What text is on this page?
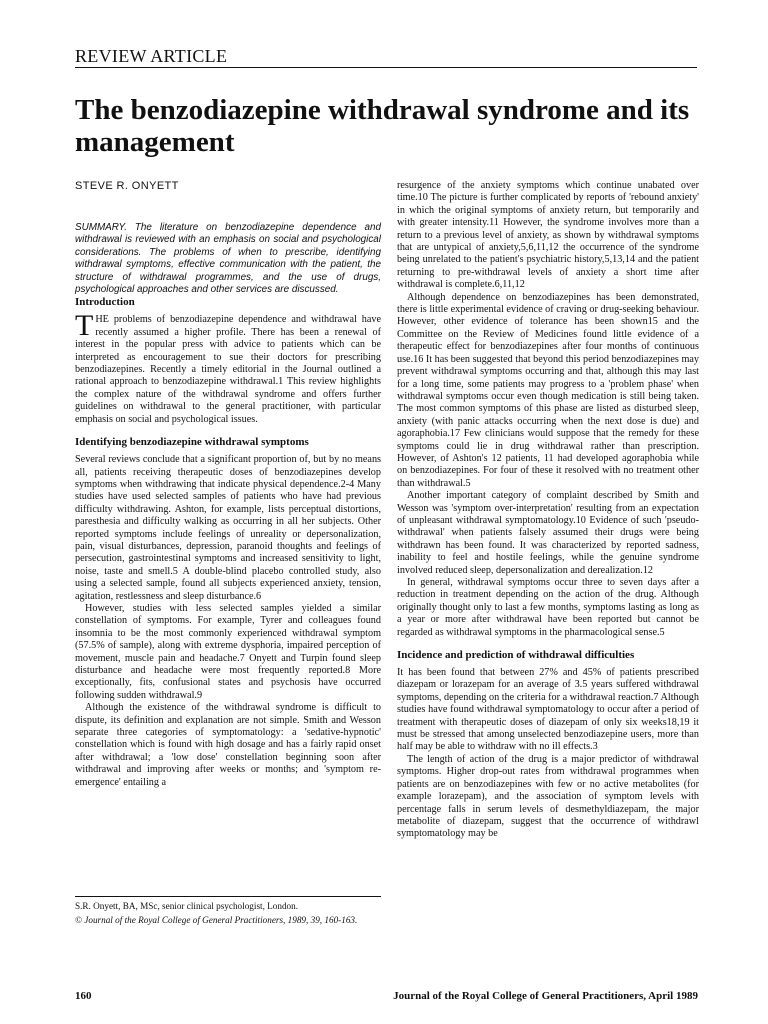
REVIEW ARTICLE
The benzodiazepine withdrawal syndrome and its management

STEVE R. ONYETT

SUMMARY. The literature on benzodiazepine dependence and withdrawal is reviewed with an emphasis on social and psychological considerations. The problems of when to prescribe, identifying withdrawal symptoms, effective communication with the patient, the structure of withdrawal programmes, and the use of drugs, psychological approaches and other services are discussed.

Introduction

THE problems of benzodiazepine dependence and withdrawal have recently assumed a higher profile. There has been a renewal of interest in the popular press with advice to patients which can be interpreted as encouragement to sue their doctors for prescribing benzodiazepines. Recently a timely editorial in the Journal outlined a rational approach to benzodiazepine withdrawal.1 This review highlights the complex nature of the withdrawal syndrome and offers further guidelines on withdrawal to the general practitioner, with particular emphasis on social and psychological issues.

Identifying benzodiazepine withdrawal symptoms

Several reviews conclude that a significant proportion of, but by no means all, patients receiving therapeutic doses of benzodiazepines develop symptoms when withdrawing that indicate physical dependence.2-4 Many studies have used selected samples of patients who have had previous difficulty withdrawing. Ashton, for example, lists perceptual distortions, paresthesia and difficulty walking as occurring in all her subjects. Other reported symptoms include feelings of unreality or depersonalization, pain, visual disturbances, depression, paranoid thoughts and feelings of persecution, gastrointestinal symptoms and increased sensitivity to light, noise, taste and smell.5 A double-blind placebo controlled study, also using a selected sample, found all subjects experienced anxiety, tension, agitation, restlessness and sleep disturbance.6

However, studies with less selected samples yielded a similar constellation of symptoms. For example, Tyrer and colleagues found insomnia to be the most commonly experienced withdrawal symptom (57.5% of sample), along with extreme dysphoria, impaired perception of movement, muscle pain and headache.7 Onyett and Turpin found sleep disturbance and headache were most frequently reported.8 More exceptionally, fits, confusional states and psychosis have occurred following sudden withdrawal.9

Although the existence of the withdrawal syndrome is difficult to dispute, its definition and explanation are not simple. Smith and Wesson separate three categories of symptomatology: a 'sedative-hypnotic' constellation which is found with high dosage and has a fairly rapid onset after withdrawal; a 'low dose' constellation beginning soon after withdrawal and improving after weeks or months; and 'symptom re-emergence' entailing a

S.R. Onyett, BA, MSc, senior clinical psychologist, London.

© Journal of the Royal College of General Practitioners, 1989, 39, 160-163.

resurgence of the anxiety symptoms which continue unabated over time.10 The picture is further complicated by reports of 'rebound anxiety' in which the original symptoms of anxiety return, but temporarily and with greater intensity.11 However, the syndrome involves more than a return to a previous level of anxiety, as shown by withdrawal symptoms that are untypical of anxiety,5,6,11,12 the occurrence of the syndrome being unrelated to the patient's psychiatric history,5,13,14 and the patient returning to pre-withdrawal levels of anxiety a short time after withdrawal is complete.6,11,12

Although dependence on benzodiazepines has been demonstrated, there is little experimental evidence of craving or drug-seeking behaviour. However, other evidence of tolerance has been shown15 and the Committee on the Review of Medicines found little evidence of a therapeutic effect for benzodiazepines after four months of continuous use.16 It has been suggested that beyond this period benzodiazepines may prevent withdrawal symptoms occurring and that, although this may last for a long time, some patients may progress to a 'problem phase' when withdrawal symptoms occur even though medication is still being taken. The most common symptoms of this phase are listed as disturbed sleep, anxiety (with panic attacks occurring when the next dose is due) and agoraphobia.17 Few clinicians would suppose that the remedy for these symptoms could lie in drug withdrawal rather than prescription. However, of Ashton's 12 patients, 11 had developed agoraphobia while on benzodiazepines. For four of these it resolved with no treatment other than withdrawal.5

Another important category of complaint described by Smith and Wesson was 'symptom over-interpretation' resulting from an expectation of unpleasant withdrawal symptomatology.10 Evidence of such 'pseudo-withdrawal' when patients falsely assumed their drugs were being withdrawn has been found. It was characterized by reported sadness, inability to feel and hostile feelings, while the genuine syndrome involved reduced sleep, depersonalization and derealization.12

In general, withdrawal symptoms occur three to seven days after a reduction in treatment depending on the action of the drug. Although originally thought only to last a few months, symptoms lasting as long as a year or more after withdrawal have been reported but cannot be regarded as withdrawal symptoms in the pharmacological sense.5

Incidence and prediction of withdrawal difficulties

It has been found that between 27% and 45% of patients prescribed diazepam or lorazepam for an average of 3.5 years suffered withdrawal symptoms, depending on the criteria for a withdrawal reaction.7 Although studies have found withdrawal symptomatology to occur after a period of treatment with therapeutic doses of diazepam of only six weeks18,19 it must be stressed that among unselected benzodiazepine users, more than half may be able to withdraw with no ill effects.3

The length of action of the drug is a major predictor of withdrawal symptoms. Higher drop-out rates from withdrawal programmes when patients are on benzodiazepines with few or no active metabolites (for example lorazepam), and the association of symptom levels with percentage falls in serum levels of desmethyldiazepam, the major metabolite of diazepam, suggest that the occurrence of withdrawl symptomatology may be

160	Journal of the Royal College of General Practitioners, April 1989
